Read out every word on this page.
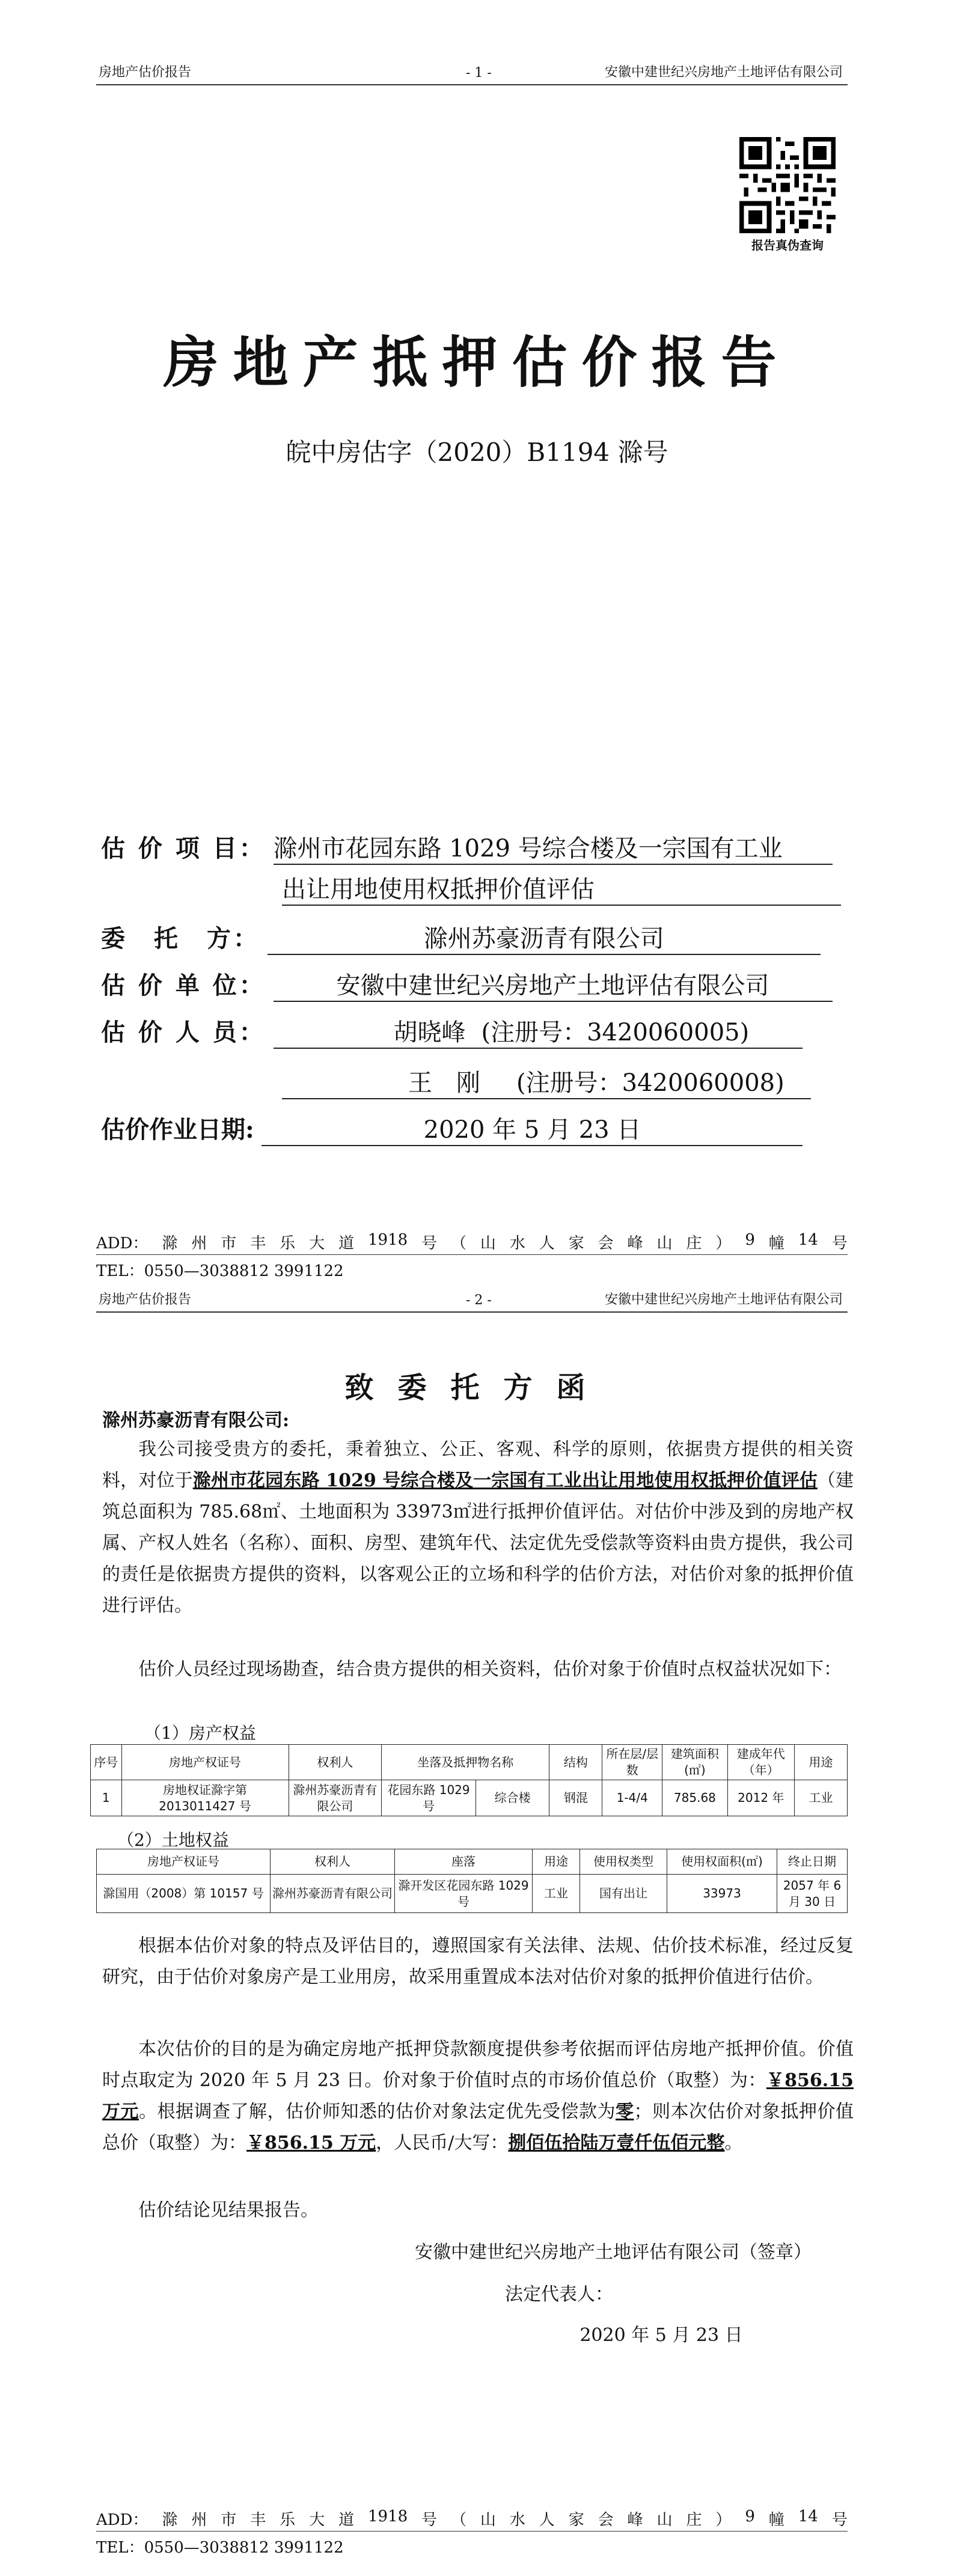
房地产估价报告	- 1 -	安徽中建世纪兴房地产土地评估有限公司
报告真伪查询
房地产抵押估价报告
皖中房估字（2020）B1194 滁号
估 价 项 目： 滁州市花园东路 1029 号综合楼及一宗国有工业
出让用地使用权抵押价值评估
委　托　方：	滁州苏豪沥青有限公司
估 价 单 位：	安徽中建世纪兴房地产土地评估有限公司
估 价 人 员：	胡晓峰 (注册号：3420060005)
王　刚 (注册号：3420060008)
估价作业日期:	2020 年 5 月 23 日
ADD： 滁 州 市 丰 乐 大 道 1918 号 （ 山 水 人 家 会 峰 山 庄 ） 9 幢 14 号
TEL：0550—3038812 3991122
房地产估价报告	- 2 -	安徽中建世纪兴房地产土地评估有限公司
致委托方函
滁州苏豪沥青有限公司:
我公司接受贵方的委托，秉着独立、公正、客观、科学的原则，依据贵方提供的相关资料，对位于滁州市花园东路 1029 号综合楼及一宗国有工业出让用地使用权抵押价值评估（建筑总面积为 785.68㎡、土地面积为 33973㎡进行抵押价值评估。对估价中涉及到的房地产权属、产权人姓名（名称）、面积、房型、建筑年代、法定优先受偿款等资料由贵方提供，我公司的责任是依据贵方提供的资料，以客观公正的立场和科学的估价方法，对估价对象的抵押价值进行评估。
估价人员经过现场勘查，结合贵方提供的相关资料，估价对象于价值时点权益状况如下：
（1）房产权益
序号	房地产权证号	权利人	坐落及抵押物名称		结构	所在层/层数	建筑面积(㎡)	建成年代（年）	用途
1	房地权证滁字第 2013011427 号	滁州苏豪沥青有限公司	花园东路 1029 号	综合楼	钢混	1-4/4	785.68	2012 年	工业
（2）土地权益
房地产权证号	权利人	座落	用途	使用权类型	使用权面积(㎡)	终止日期
滁国用（2008）第 10157 号	滁州苏豪沥青有限公司	滁开发区花园东路 1029 号	工业	国有出让	33973	2057 年 6 月 30 日
根据本估价对象的特点及评估目的，遵照国家有关法律、法规、估价技术标准，经过反复研究，由于估价对象房产是工业用房，故采用重置成本法对估价对象的抵押价值进行估价。
本次估价的目的是为确定房地产抵押贷款额度提供参考依据而评估房地产抵押价值。价值时点取定为 2020 年 5 月 23 日。价对象于价值时点的市场价值总价（取整）为：￥856.15 万元。根据调查了解，估价师知悉的估价对象法定优先受偿款为零；则本次估价对象抵押价值总价（取整）为：￥856.15 万元，人民币/大写：捌佰伍拾陆万壹仟伍佰元整。
估价结论见结果报告。
安徽中建世纪兴房地产土地评估有限公司（签章）
法定代表人：
2020 年 5 月 23 日
ADD： 滁 州 市 丰 乐 大 道 1918 号 （ 山 水 人 家 会 峰 山 庄 ） 9 幢 14 号
TEL：0550—3038812 3991122
